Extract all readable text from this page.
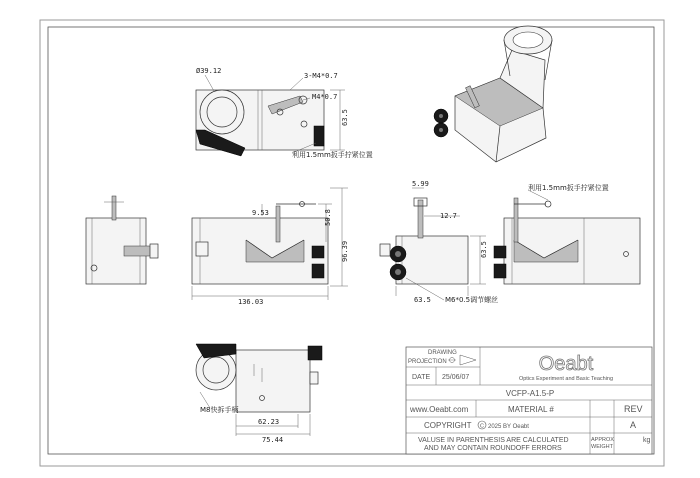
Ø39.12
3-M4*0.7
M4*0.7
63.5
利用1.5mm扳手拧紧位置
9.53	50.8
96.39
136.03
5.99
12.7
63.5
63.5 M6*0.5调节螺丝
利用1.5mm扳手拧紧位置
M8快拆手柄
62.23
75.44
DRAWING
PROJECTION
DATE 25/06/07
Oeabt
Optics Experiment and Basic Teaching
VCFP-A1.5-P
www.Oeabt.com	MATERIAL #	REV
COPYRIGHT C 2025 BY Oeabt	A
VALUSE IN PARENTHESIS ARE CALCULATED
AND MAY CONTAIN ROUNDOFF ERRORS
APPROX
WEIGHT
kg
